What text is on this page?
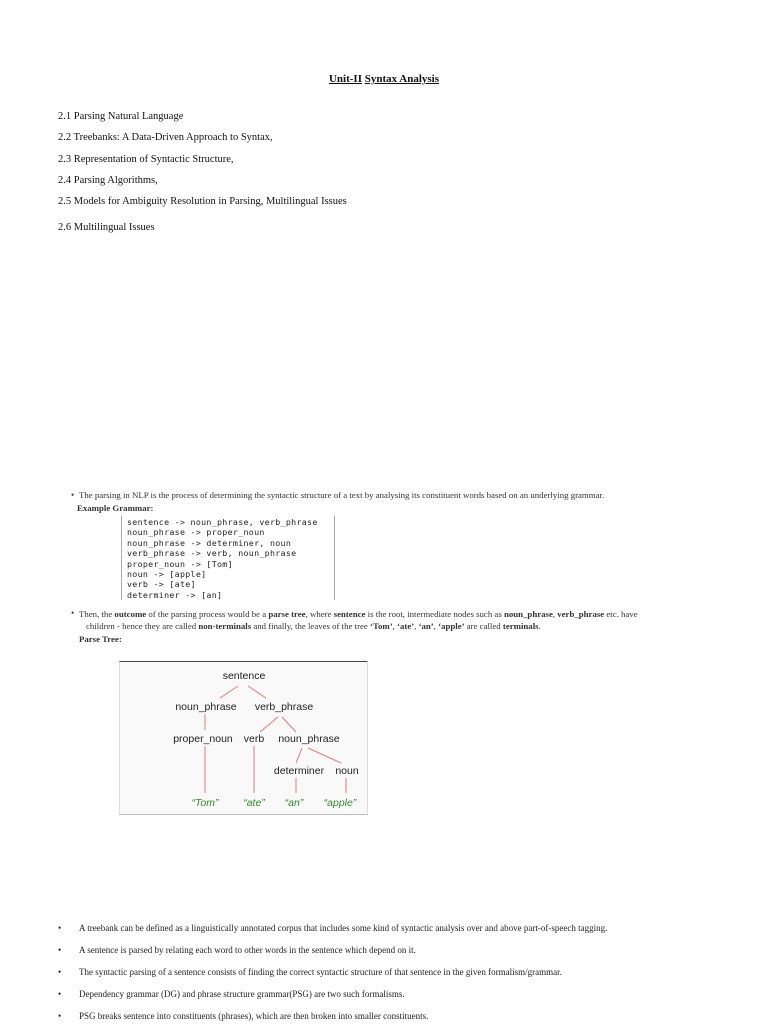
Unit-II Syntax Analysis
2.1 Parsing Natural Language
2.2 Treebanks: A Data-Driven Approach to Syntax,
2.3 Representation of Syntactic Structure,
2.4 Parsing Algorithms,
2.5 Models for Ambiguity Resolution in Parsing, Multilingual Issues
2.6 Multilingual Issues
• The parsing in NLP is the process of determining the syntactic structure of a text by analysing its constituent words based on an underlying grammar.
Example Grammar:
sentence -> noun_phrase, verb_phrase
noun_phrase -> proper_noun
noun_phrase -> determiner, noun
verb_phrase -> verb, noun_phrase
proper_noun -> [Tom]
noun -> [apple]
verb -> [ate]
determiner -> [an]
• Then, the outcome of the parsing process would be a parse tree, where sentence is the root, intermediate nodes such as noun_phrase, verb_phrase etc. have
children - hence they are called non-terminals and finally, the leaves of the tree ‘Tom’, ‘ate’, ‘an’, ‘apple’ are called terminals.
Parse Tree:
sentence
noun_phrase verb_phrase
proper_noun verb noun_phrase
determiner noun
“Tom” “ate” “an” “apple”
• A treebank can be defined as a linguistically annotated corpus that includes some kind of syntactic analysis over and above part-of-speech tagging.
• A sentence is parsed by relating each word to other words in the sentence which depend on it.
• The syntactic parsing of a sentence consists of finding the correct syntactic structure of that sentence in the given formalism/grammar.
• Dependency grammar (DG) and phrase structure grammar(PSG) are two such formalisms.
• PSG breaks sentence into constituents (phrases), which are then broken into smaller constituents.
